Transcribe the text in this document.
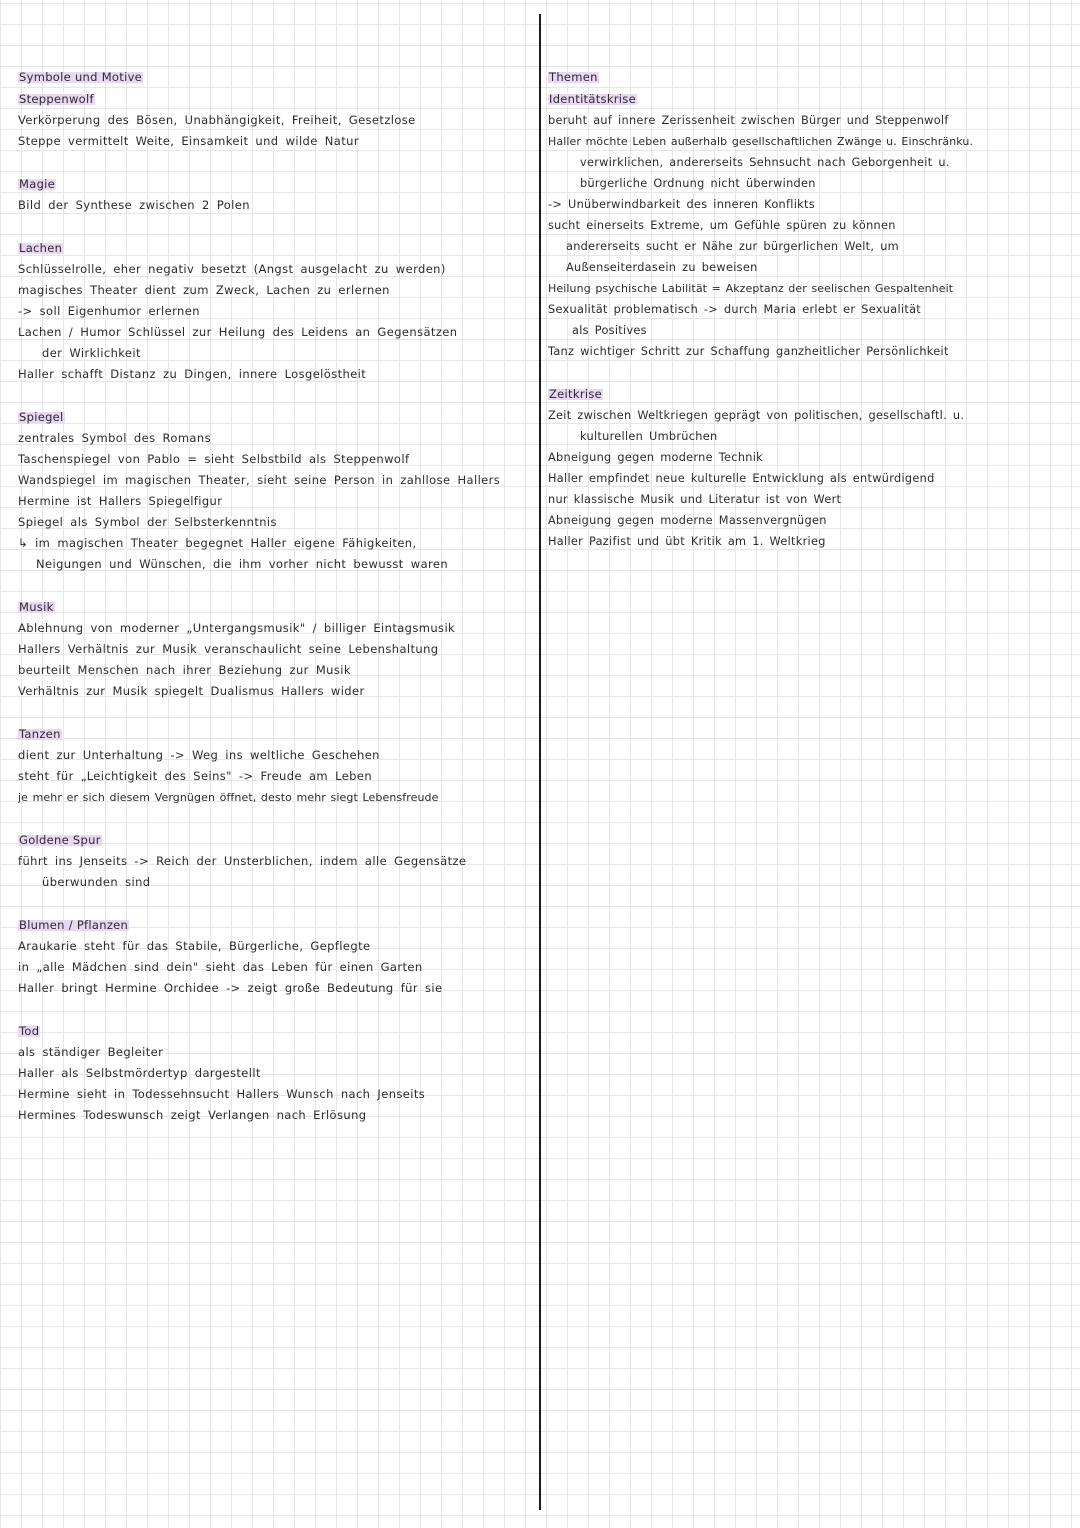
Symbole und Motive
Steppenwolf
Verkörperung des Bösen, Unabhängigkeit, Freiheit, Gesetzlose
Steppe vermittelt Weite, Einsamkeit und wilde Natur
Magie
Bild der Synthese zwischen 2 Polen
Lachen
Schlüsselrolle, eher negativ besetzt (Angst ausgelacht zu werden)
magisches Theater dient zum Zweck, Lachen zu erlernen
-> soll Eigenhumor erlernen
Lachen / Humor Schlüssel zur Heilung des Leidens an Gegensätzen
der Wirklichkeit
Haller schafft Distanz zu Dingen, innere Losgelöstheit
Spiegel
zentrales Symbol des Romans
Taschenspiegel von Pablo = sieht Selbstbild als Steppenwolf
Wandspiegel im magischen Theater, sieht seine Person in zahllose Hallers
Hermine ist Hallers Spiegelfigur
Spiegel als Symbol der Selbsterkenntnis
↳ im magischen Theater begegnet Haller eigene Fähigkeiten,
Neigungen und Wünschen, die ihm vorher nicht bewusst waren
Musik
Ablehnung von moderner „Untergangsmusik" / billiger Eintagsmusik
Hallers Verhältnis zur Musik veranschaulicht seine Lebenshaltung
beurteilt Menschen nach ihrer Beziehung zur Musik
Verhältnis zur Musik spiegelt Dualismus Hallers wider
Tanzen
dient zur Unterhaltung -> Weg ins weltliche Geschehen
steht für „Leichtigkeit des Seins" -> Freude am Leben
je mehr er sich diesem Vergnügen öffnet, desto mehr siegt Lebensfreude
Goldene Spur
führt ins Jenseits -> Reich der Unsterblichen, indem alle Gegensätze
überwunden sind
Blumen / Pflanzen
Araukarie steht für das Stabile, Bürgerliche, Gepflegte
in „alle Mädchen sind dein" sieht das Leben für einen Garten
Haller bringt Hermine Orchidee -> zeigt große Bedeutung für sie
Tod
als ständiger Begleiter
Haller als Selbstmördertyp dargestellt
Hermine sieht in Todessehnsucht Hallers Wunsch nach Jenseits
Hermines Todeswunsch zeigt Verlangen nach Erlösung
Themen
Identitätskrise
beruht auf innere Zerissenheit zwischen Bürger und Steppenwolf
Haller möchte Leben außerhalb gesellschaftlichen Zwänge u. Einschränku.
verwirklichen, andererseits Sehnsucht nach Geborgenheit u.
bürgerliche Ordnung nicht überwinden
-> Unüberwindbarkeit des inneren Konflikts
sucht einerseits Extreme, um Gefühle spüren zu können
andererseits sucht er Nähe zur bürgerlichen Welt, um
Außenseiterdasein zu beweisen
Heilung psychische Labilität = Akzeptanz der seelischen Gespaltenheit
Sexualität problematisch -> durch Maria erlebt er Sexualität
als Positives
Tanz wichtiger Schritt zur Schaffung ganzheitlicher Persönlichkeit
Zeitkrise
Zeit zwischen Weltkriegen geprägt von politischen, gesellschaftl. u.
kulturellen Umbrüchen
Abneigung gegen moderne Technik
Haller empfindet neue kulturelle Entwicklung als entwürdigend
nur klassische Musik und Literatur ist von Wert
Abneigung gegen moderne Massenvergnügen
Haller Pazifist und übt Kritik am 1. Weltkrieg
